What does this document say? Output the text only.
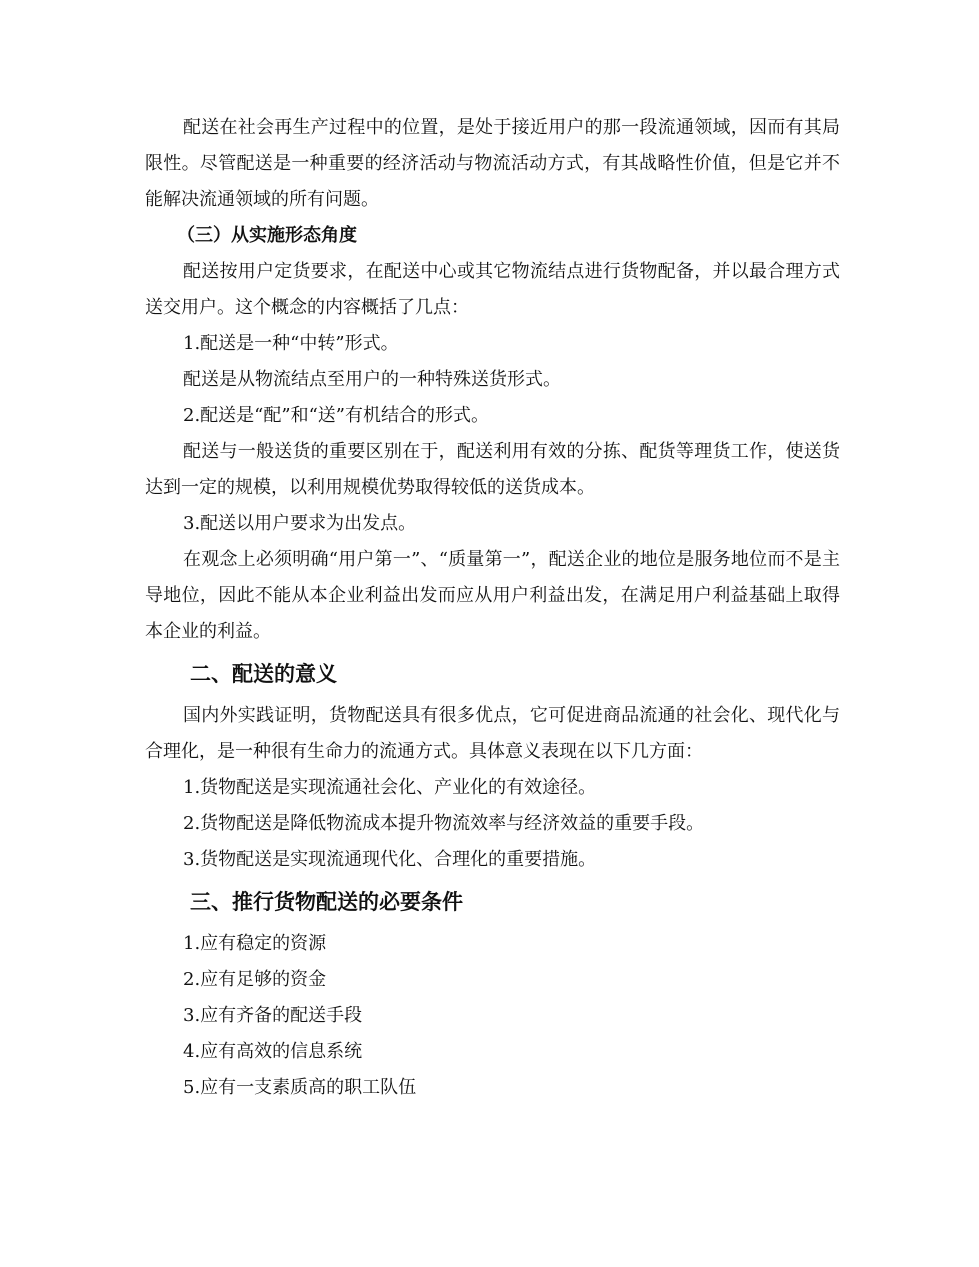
配送在社会再生产过程中的位置，是处于接近用户的那一段流通领域，因而有其局限性。尽管配送是一种重要的经济活动与物流活动方式，有其战略性价值，但是它并不能解决流通领域的所有问题。

（三）从实施形态角度

配送按用户定货要求，在配送中心或其它物流结点进行货物配备，并以最合理方式送交用户。这个概念的内容概括了几点：

1.配送是一种“中转”形式。

配送是从物流结点至用户的一种特殊送货形式。

2.配送是“配”和“送”有机结合的形式。

配送与一般送货的重要区别在于，配送利用有效的分拣、配货等理货工作，使送货达到一定的规模，以利用规模优势取得较低的送货成本。

3.配送以用户要求为出发点。

在观念上必须明确“用户第一”、“质量第一”，配送企业的地位是服务地位而不是主导地位，因此不能从本企业利益出发而应从用户利益出发，在满足用户利益基础上取得本企业的利益。

二、配送的意义

国内外实践证明，货物配送具有很多优点，它可促进商品流通的社会化、现代化与合理化，是一种很有生命力的流通方式。具体意义表现在以下几方面：

1.货物配送是实现流通社会化、产业化的有效途径。

2.货物配送是降低物流成本提升物流效率与经济效益的重要手段。

3.货物配送是实现流通现代化、合理化的重要措施。

三、推行货物配送的必要条件

1.应有稳定的资源

2.应有足够的资金

3.应有齐备的配送手段

4.应有高效的信息系统

5.应有一支素质高的职工队伍
